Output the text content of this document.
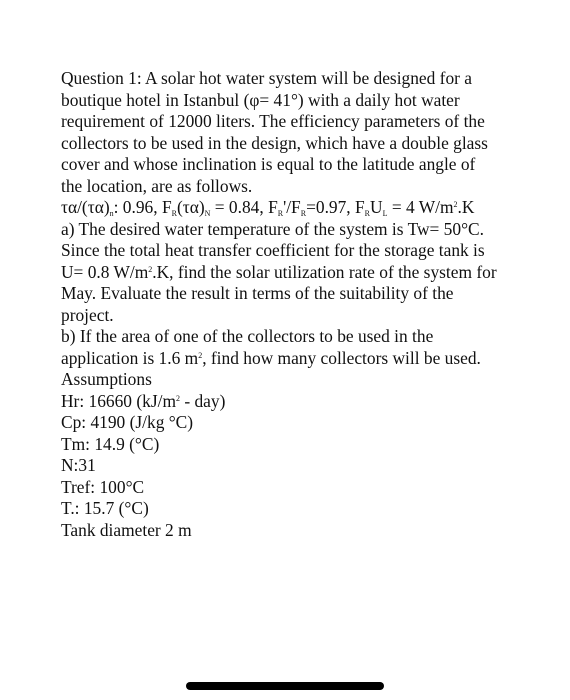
Question 1: A solar hot water system will be designed for a
boutique hotel in Istanbul (φ= 41°) with a daily hot water
requirement of 12000 liters. The efficiency parameters of the
collectors to be used in the design, which have a double glass
cover and whose inclination is equal to the latitude angle of
the location, are as follows.
$\tau\alpha/(\tau\alpha)_n$: 0.96, $F_R(\tau\alpha)_N = 0.84$, $F_R'/F_R=0.97$, $F_RU_L = 4$ $W/m^2.K$
a) The desired water temperature of the system is Tw= 50°C.
Since the total heat transfer coefficient for the storage tank is
U= 0.8 $W/m^2.K$, find the solar utilization rate of the system for
May. Evaluate the result in terms of the suitability of the
project.
b) If the area of one of the collectors to be used in the
application is 1.6 $m^2$, find how many collectors will be used.
Assumptions
Hr: 16660 $(kJ/m^2 - day)$
Cp: 4190 (J/kg °C)
Tm: 14.9 (°C)
N:31
Tref: 100°C
T.: 15.7 (°C)
Tank diameter 2 m
